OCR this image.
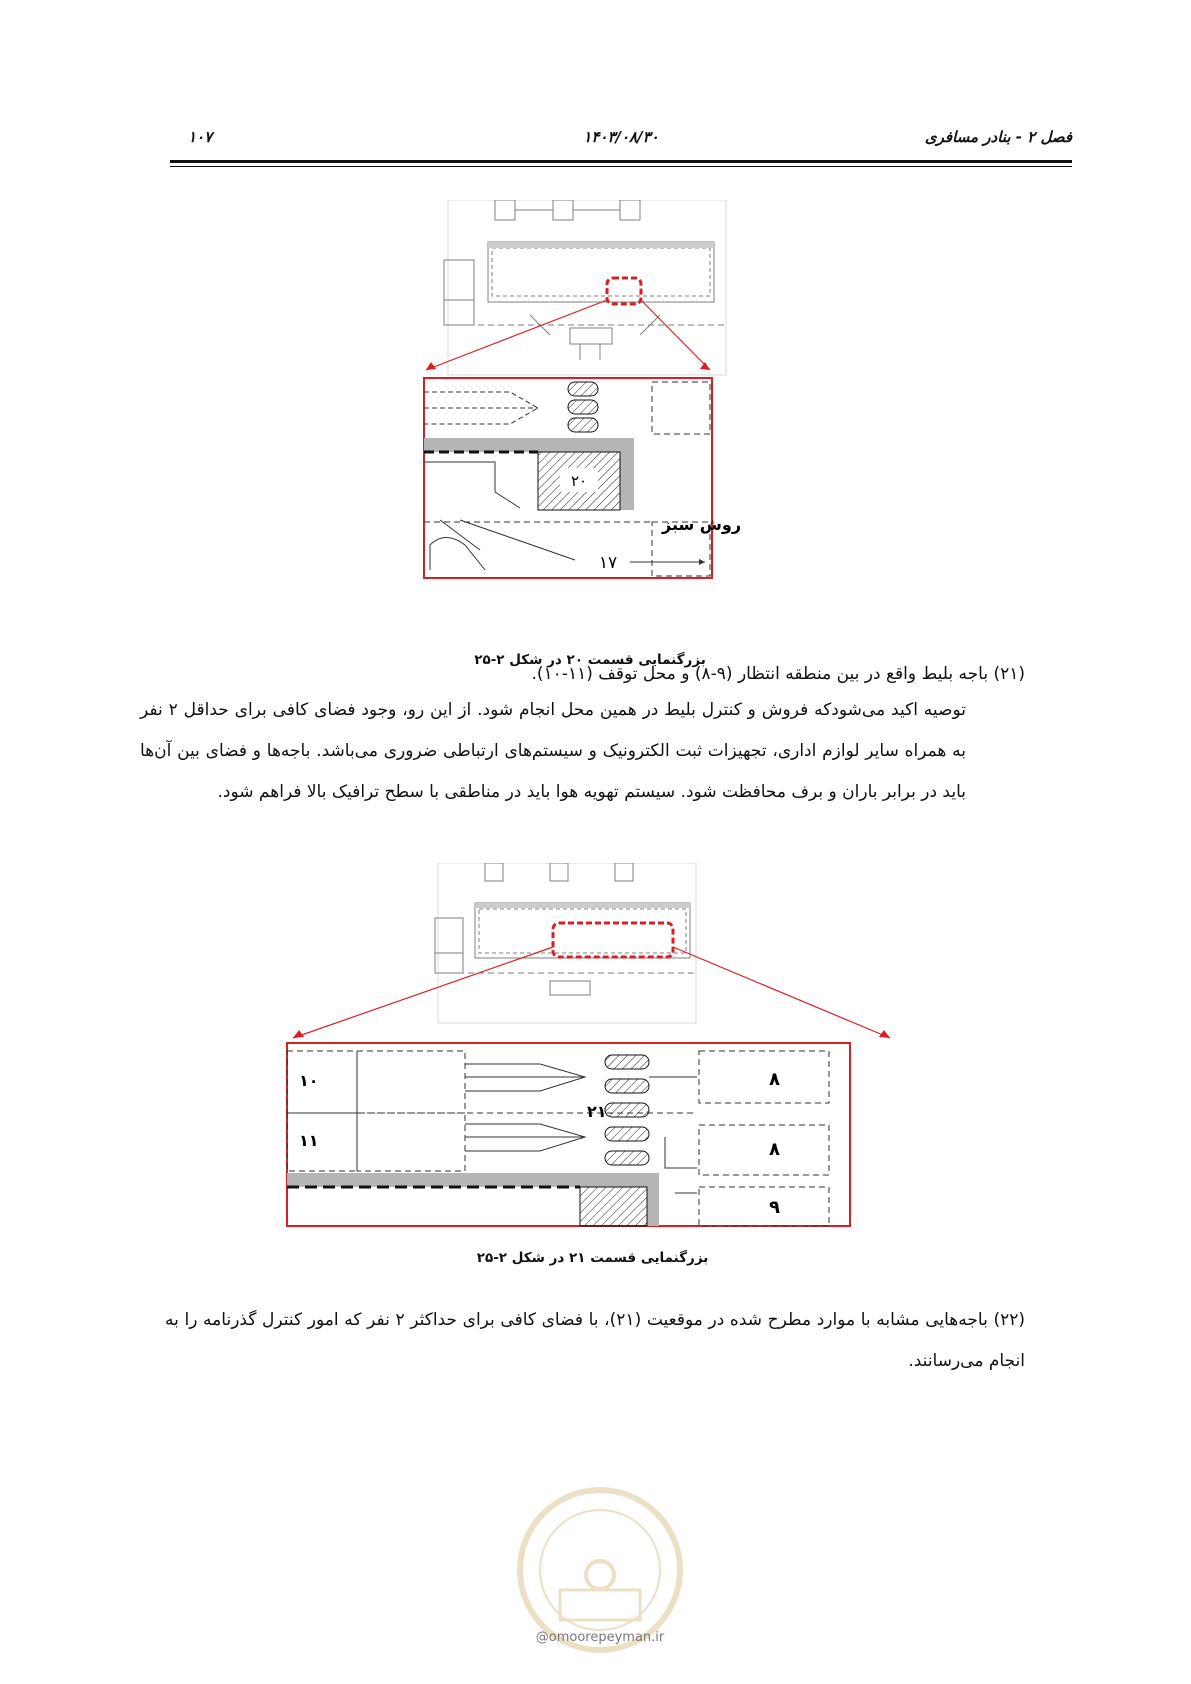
فصل ۲ - بنادر مسافری
۱۴۰۳/۰۸/۳۰
۱۰۷
۲۰
روش سبز
۱۷
بزرگنمایی قسمت ۲۰ در شکل ۲-۲۵
(۲۱) باجه بلیط واقع در بین منطقه انتظار (۹-۸) و محل توقف (۱۱-۱۰).
توصیه اکید می‌شودکه فروش و کنترل بلیط در همین محل انجام شود. از این رو، وجود فضای کافی برای حداقل ۲ نفر به همراه سایر لوازم اداری، تجهیزات ثبت الکترونیک و سیستم‌های ارتباطی ضروری می‌باشد. باجه‌ها و فضای بین آن‌ها باید در برابر باران و برف محافظت شود. سیستم تهویه هوا باید در مناطقی با سطح ترافیک بالا فراهم شود.
۱۰
۱۱
۲۱
۸
۸
۹
بزرگنمایی قسمت ۲۱ در شکل ۲-۲۵
(۲۲) باجه‌هایی مشابه با موارد مطرح شده در موقعیت (۲۱)، با فضای کافی برای حداکثر ۲ نفر که امور کنترل گذرنامه را به انجام می‌رسانند.
@omoorepeyman.ir
